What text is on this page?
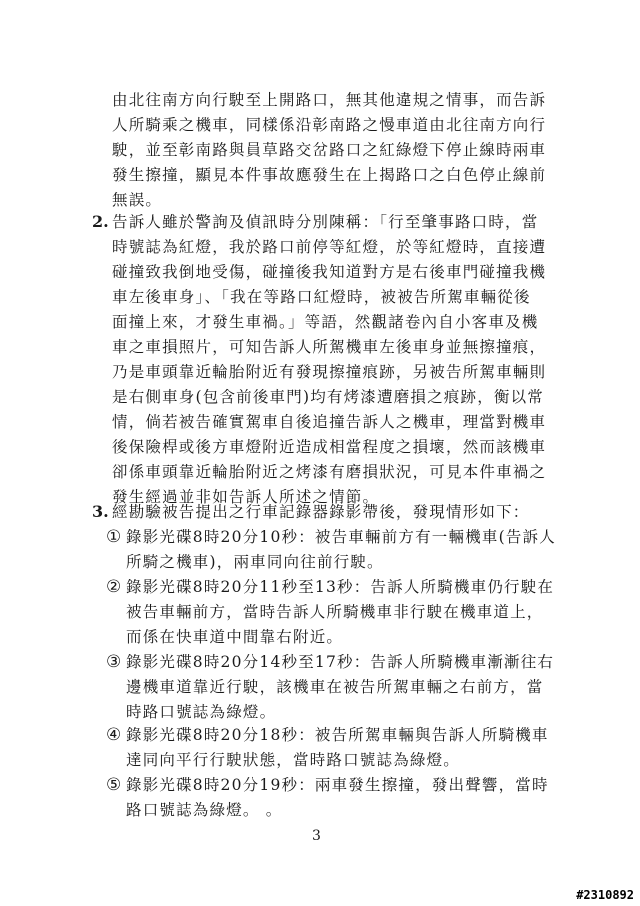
由北往南方向行駛至上開路口，無其他違規之情事，而告訴
人所騎乘之機車，同樣係沿彰南路之慢車道由北往南方向行
駛，並至彰南路與員草路交岔路口之紅綠燈下停止線時兩車
發生擦撞，顯見本件事故應發生在上揭路口之白色停止線前
無誤。
2. 告訴人雖於警詢及偵訊時分別陳稱：「行至肇事路口時，當
時號誌為紅燈，我於路口前停等紅燈，於等紅燈時，直接遭
碰撞致我倒地受傷，碰撞後我知道對方是右後車門碰撞我機
車左後車身」、「我在等路口紅燈時，被被告所駕車輛從後
面撞上來，才發生車禍。」等語，然觀諸卷內自小客車及機
車之車損照片，可知告訴人所駕機車左後車身並無擦撞痕，
乃是車頭靠近輪胎附近有發現擦撞痕跡，另被告所駕車輛則
是右側車身(包含前後車門)均有烤漆遭磨損之痕跡，衡以常
情，倘若被告確實駕車自後追撞告訴人之機車，理當對機車
後保險桿或後方車燈附近造成相當程度之損壞，然而該機車
卻係車頭靠近輪胎附近之烤漆有磨損狀況，可見本件車禍之
發生經過並非如告訴人所述之情節。
3. 經勘驗被告提出之行車記錄器錄影帶後，發現情形如下：
① 錄影光碟8時20分10秒：被告車輛前方有一輛機車(告訴人
所騎之機車)，兩車同向往前行駛。
② 錄影光碟8時20分11秒至13秒：告訴人所騎機車仍行駛在
被告車輛前方，當時告訴人所騎機車非行駛在機車道上，
而係在快車道中間靠右附近。
③ 錄影光碟8時20分14秒至17秒：告訴人所騎機車漸漸往右
邊機車道靠近行駛，該機車在被告所駕車輛之右前方，當
時路口號誌為綠燈。
④ 錄影光碟8時20分18秒：被告所駕車輛與告訴人所騎機車
達同向平行行駛狀態，當時路口號誌為綠燈。
⑤ 錄影光碟8時20分19秒：兩車發生擦撞，發出聲響，當時
路口號誌為綠燈。 。
3
#2310892
